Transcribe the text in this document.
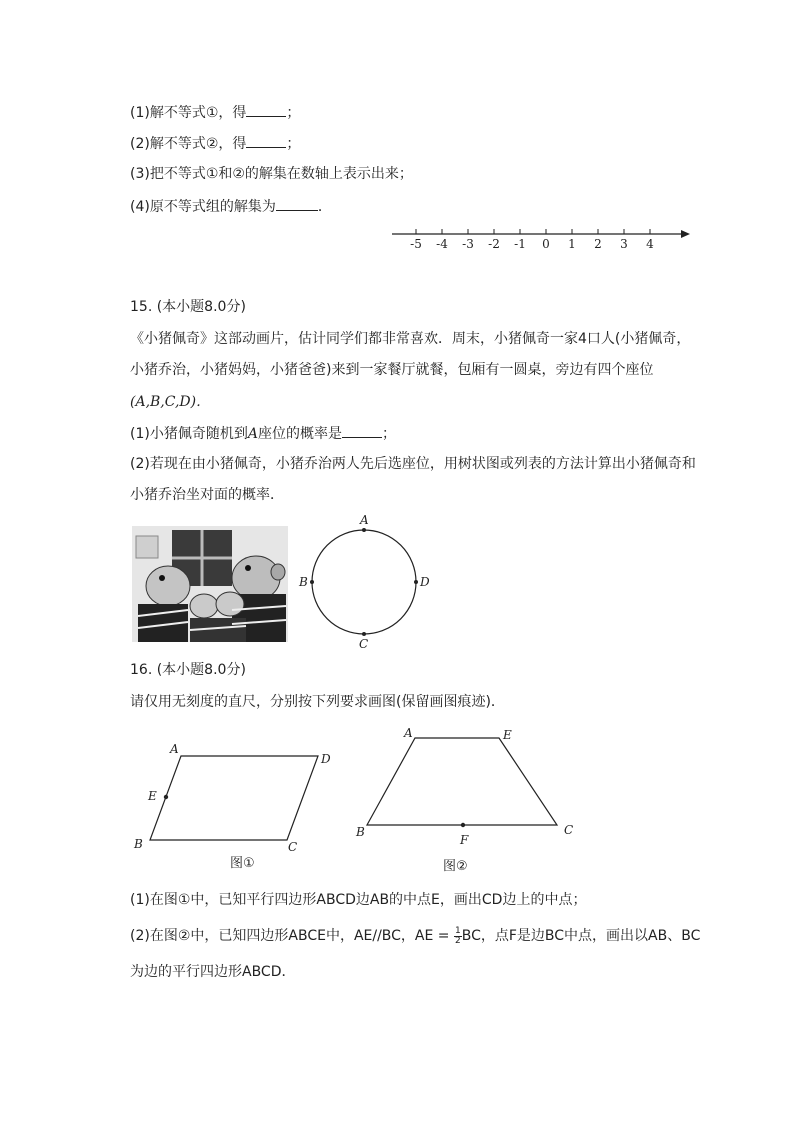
(1)解不等式①，得	；
(2)解不等式②，得	；
(3)把不等式①和②的解集在数轴上表示出来；
(4)原不等式组的解集为	．
-5 -4 -3 -2 -1 0 1 2 3 4
15. (本小题8.0分)
《小猪佩奇》这部动画片，估计同学们都非常喜欢．周末，小猪佩奇一家4口人(小猪佩奇，
小猪乔治，小猪妈妈，小猪爸爸)来到一家餐厅就餐，包厢有一圆桌，旁边有四个座位
(A,B,C,D)．
(1)小猪佩奇随机到A座位的概率是	；
(2)若现在由小猪佩奇，小猪乔治两人先后选座位，用树状图或列表的方法计算出小猪佩奇和
小猪乔治坐对面的概率．
A
B	D
C
16. (本小题8.0分)
请仅用无刻度的直尺，分别按下列要求画图(保留画图痕迹)．
A
D
E
B	C
图①
A	E
B
F
C
图②
(1)在图①中，已知平行四边形ABCD边AB的中点E，画出CD边上的中点；
(2)在图②中，已知四边形ABCE中，AE//BC，AE = $\frac{1}{2}$ BC，点F是边BC中点，画出以AB、BC
为边的平行四边形ABCD．
